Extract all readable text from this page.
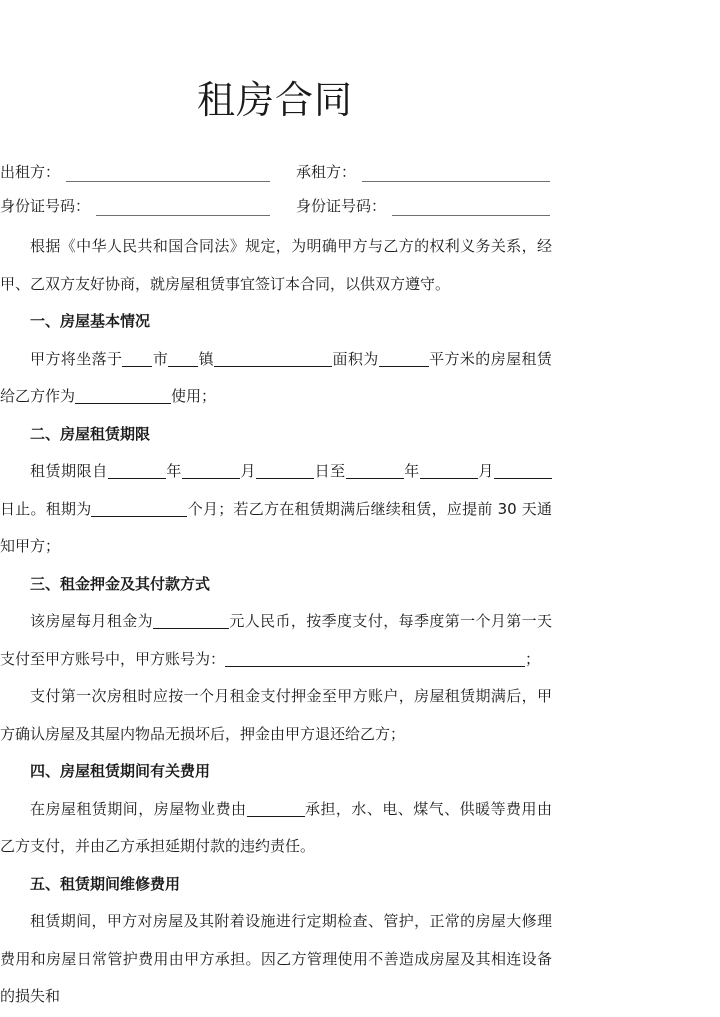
租房合同
出租方：	承租方：
身份证号码：	身份证号码：

根据《中华人民共和国合同法》规定，为明确甲方与乙方的权利义务关系，经甲、乙双方友好协商，就房屋租赁事宜签订本合同，以供双方遵守。

一、房屋基本情况

甲方将坐落于 市 镇	面积为	平方米的房屋租赁给乙方作为	使用；

二、房屋租赁期限

租赁期限自	年	月	日至	年	月日止。租期为	个月；若乙方在租赁期满后继续租赁，应提前 30 天通知甲方；

三、租金押金及其付款方式

该房屋每月租金为	元人民币，按季度支付，每季度第一个月第一天支付至甲方账号中，甲方账号为：	；

支付第一次房租时应按一个月租金支付押金至甲方账户，房屋租赁期满后，甲方确认房屋及其屋内物品无损坏后，押金由甲方退还给乙方；

四、房屋租赁期间有关费用

在房屋租赁期间，房屋物业费由	承担，水、电、煤气、供暖等费用由乙方支付，并由乙方承担延期付款的违约责任。

五、租赁期间维修费用

租赁期间，甲方对房屋及其附着设施进行定期检查、管护，正常的房屋大修理费用和房屋日常管护费用由甲方承担。因乙方管理使用不善造成房屋及其相连设备的损失和
